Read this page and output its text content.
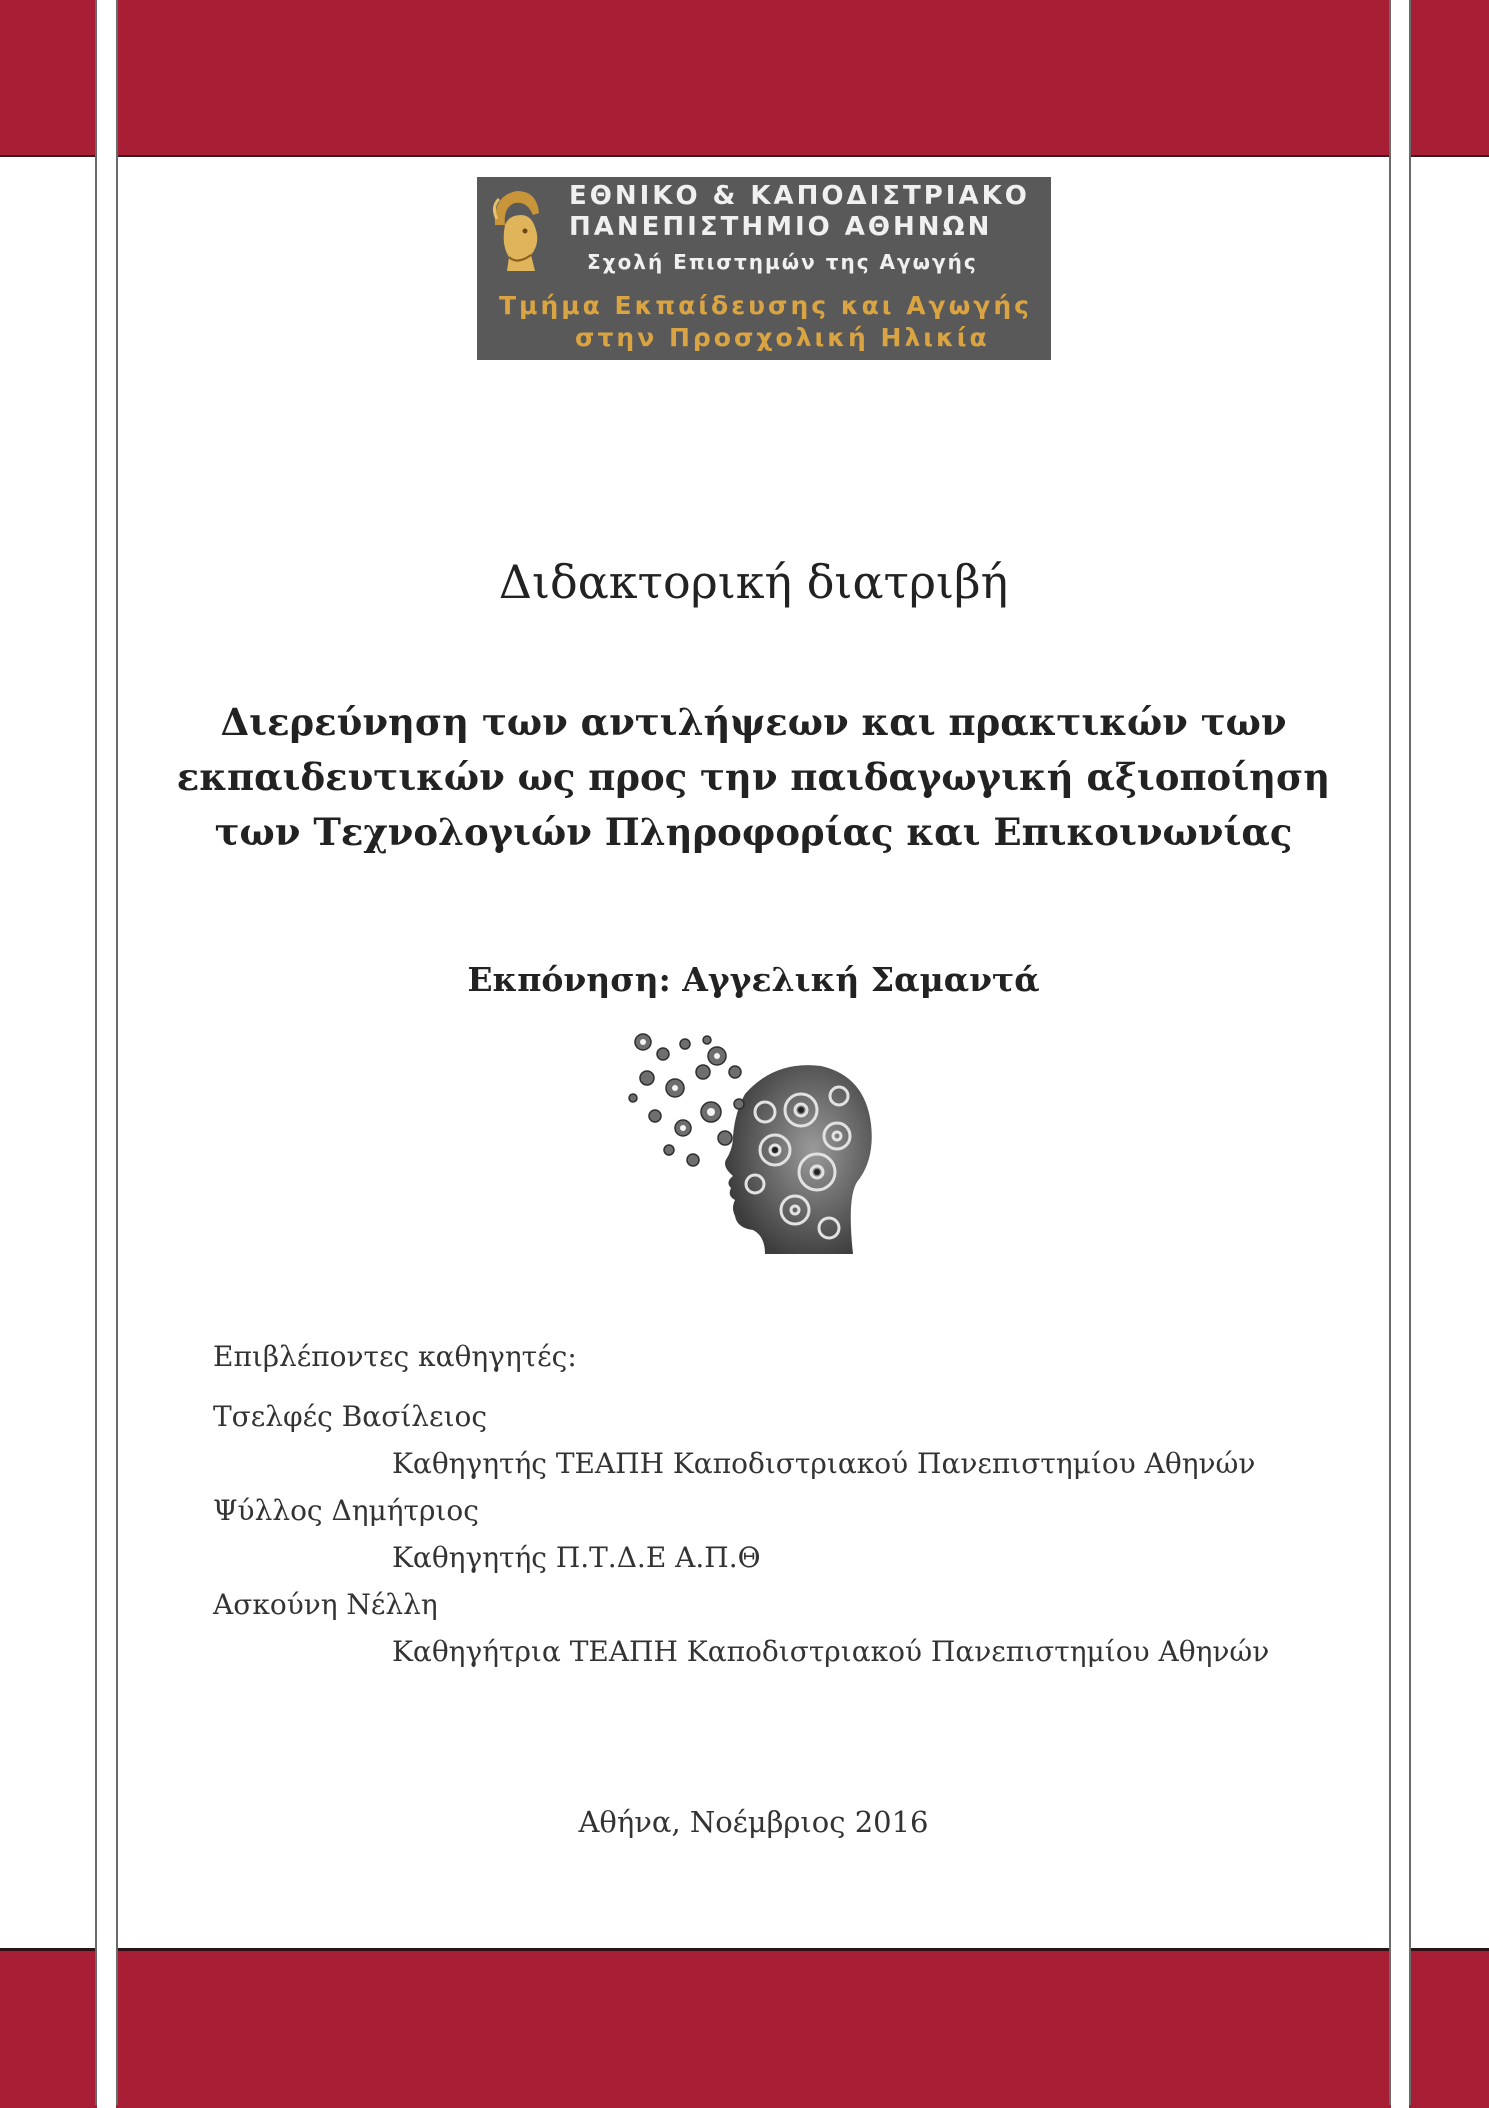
ΕΘΝΙΚΟ & ΚΑΠΟΔΙΣΤΡΙΑΚΟ
ΠΑΝΕΠΙΣΤΗΜΙΟ ΑΘΗΝΩΝ
Σχολή Επιστημών της Αγωγής
Τμήμα Εκπαίδευσης και Αγωγής
στην Προσχολική Ηλικία
Διδακτορική διατριβή
Διερεύνηση των αντιλήψεων και πρακτικών των
εκπαιδευτικών ως προς την παιδαγωγική αξιοποίηση
των Τεχνολογιών Πληροφορίας και Επικοινωνίας
Εκπόνηση: Αγγελική Σαμαντά
Επιβλέποντες καθηγητές:
Τσελφές Βασίλειος
Καθηγητής ΤΕΑΠΗ Καποδιστριακού Πανεπιστημίου Αθηνών
Ψύλλος Δημήτριος
Καθηγητής Π.Τ.Δ.Ε Α.Π.Θ
Ασκούνη Νέλλη
Καθηγήτρια ΤΕΑΠΗ Καποδιστριακού Πανεπιστημίου Αθηνών
Αθήνα, Νοέμβριος 2016
